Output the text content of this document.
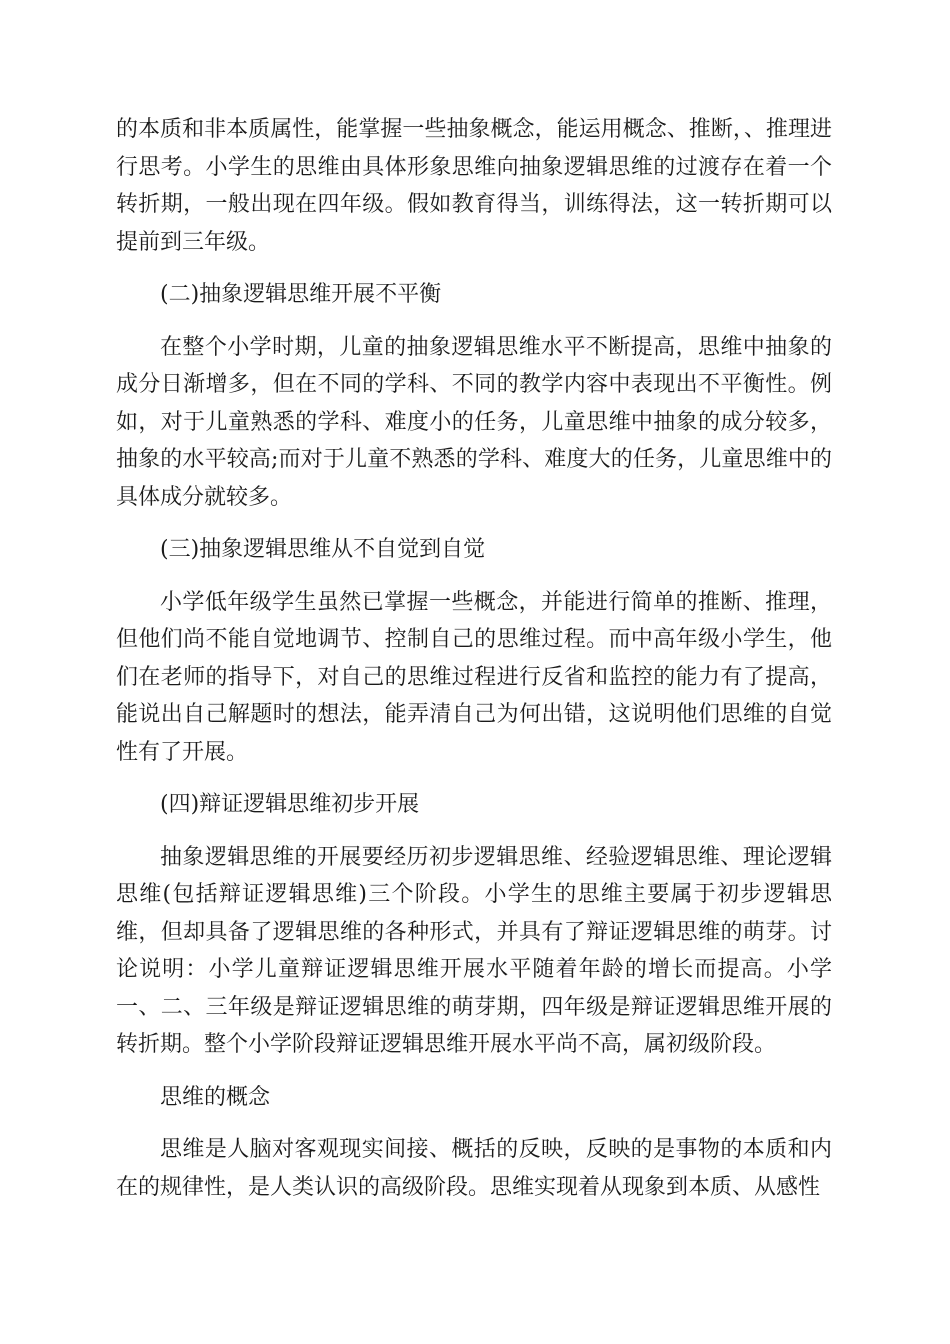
的本质和非本质属性，能掌握一些抽象概念，能运用概念、推断，、推理进行思考。小学生的思维由具体形象思维向抽象逻辑思维的过渡存在着一个转折期，一般出现在四年级。假如教育得当，训练得法，这一转折期可以提前到三年级。

(二)抽象逻辑思维开展不平衡

在整个小学时期，儿童的抽象逻辑思维水平不断提高，思维中抽象的成分日渐增多，但在不同的学科、不同的教学内容中表现出不平衡性。例如，对于儿童熟悉的学科、难度小的任务，儿童思维中抽象的成分较多，抽象的水平较高;而对于儿童不熟悉的学科、难度大的任务，儿童思维中的具体成分就较多。

(三)抽象逻辑思维从不自觉到自觉

小学低年级学生虽然已掌握一些概念，并能进行简单的推断、推理，但他们尚不能自觉地调节、控制自己的思维过程。而中高年级小学生，他们在老师的指导下，对自己的思维过程进行反省和监控的能力有了提高，能说出自己解题时的想法，能弄清自己为何出错，这说明他们思维的自觉性有了开展。

(四)辩证逻辑思维初步开展

抽象逻辑思维的开展要经历初步逻辑思维、经验逻辑思维、理论逻辑思维(包括辩证逻辑思维)三个阶段。小学生的思维主要属于初步逻辑思维，但却具备了逻辑思维的各种形式，并具有了辩证逻辑思维的萌芽。讨论说明：小学儿童辩证逻辑思维开展水平随着年龄的增长而提高。小学一、二、三年级是辩证逻辑思维的萌芽期，四年级是辩证逻辑思维开展的转折期。整个小学阶段辩证逻辑思维开展水平尚不高，属初级阶段。

思维的概念

思维是人脑对客观现实间接、概括的反映，反映的是事物的本质和内在的规律性，是人类认识的高级阶段。思维实现着从现象到本质、从感性
